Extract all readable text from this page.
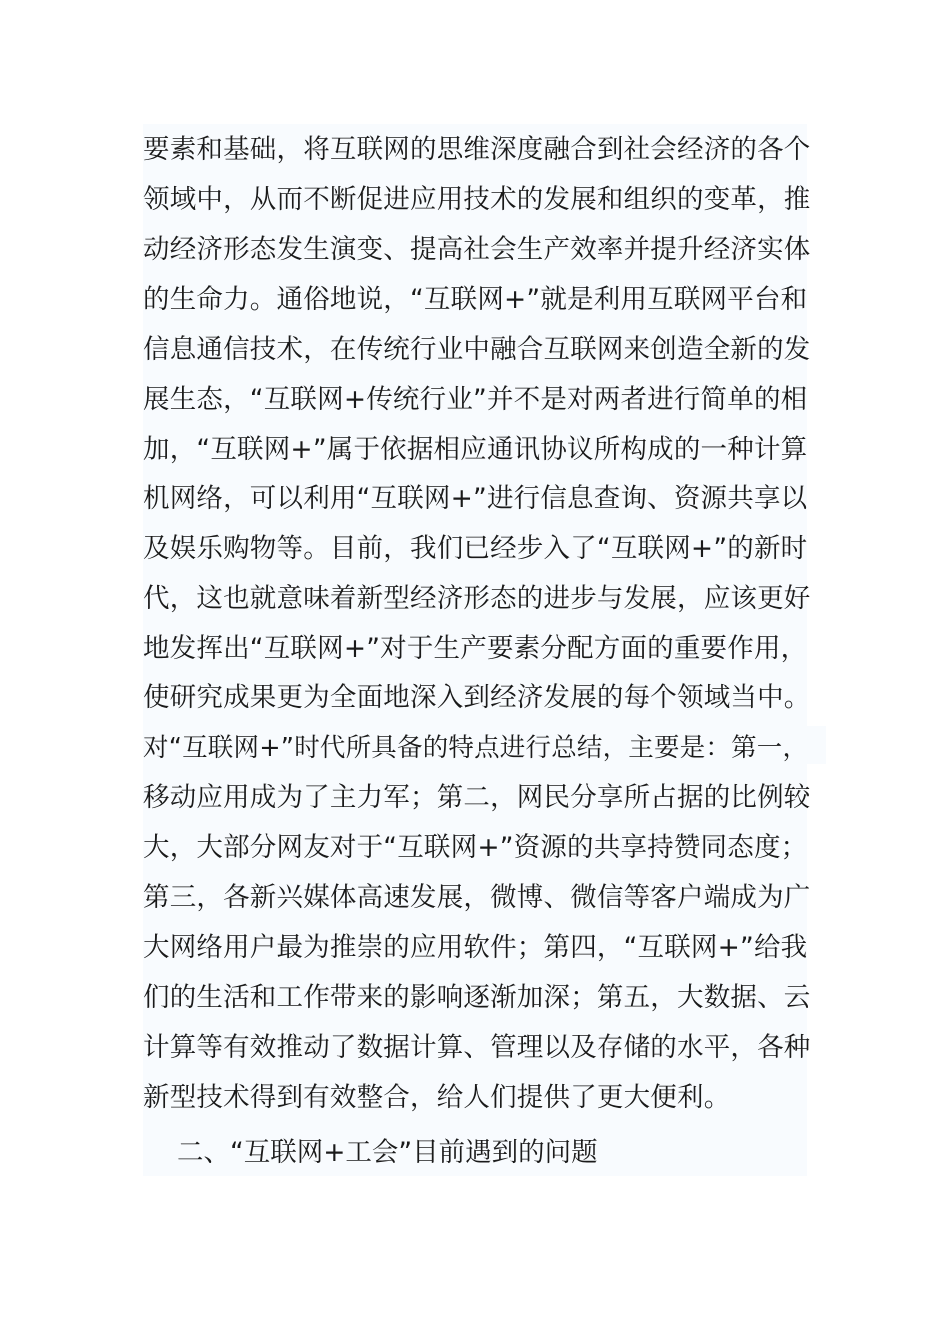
要素和基础，将互联网的思维深度融合到社会经济的各个
领域中，从而不断促进应用技术的发展和组织的变革，推
动经济形态发生演变、提高社会生产效率并提升经济实体
的生命力。通俗地说，“互联网+”就是利用互联网平台和
信息通信技术，在传统行业中融合互联网来创造全新的发
展生态，“互联网+传统行业”并不是对两者进行简单的相
加，“互联网+”属于依据相应通讯协议所构成的一种计算
机网络，可以利用“互联网+”进行信息查询、资源共享以
及娱乐购物等。目前，我们已经步入了“互联网+”的新时
代，这也就意味着新型经济形态的进步与发展，应该更好
地发挥出“互联网+”对于生产要素分配方面的重要作用，
使研究成果更为全面地深入到经济发展的每个领域当中。
对“互联网+”时代所具备的特点进行总结，主要是：第一，
移动应用成为了主力军；第二，网民分享所占据的比例较
大，大部分网友对于“互联网+”资源的共享持赞同态度；
第三，各新兴媒体高速发展，微博、微信等客户端成为广
大网络用户最为推崇的应用软件；第四，“互联网+”给我
们的生活和工作带来的影响逐渐加深；第五，大数据、云
计算等有效推动了数据计算、管理以及存储的水平，各种
新型技术得到有效整合，给人们提供了更大便利。
二、“互联网+工会”目前遇到的问题
